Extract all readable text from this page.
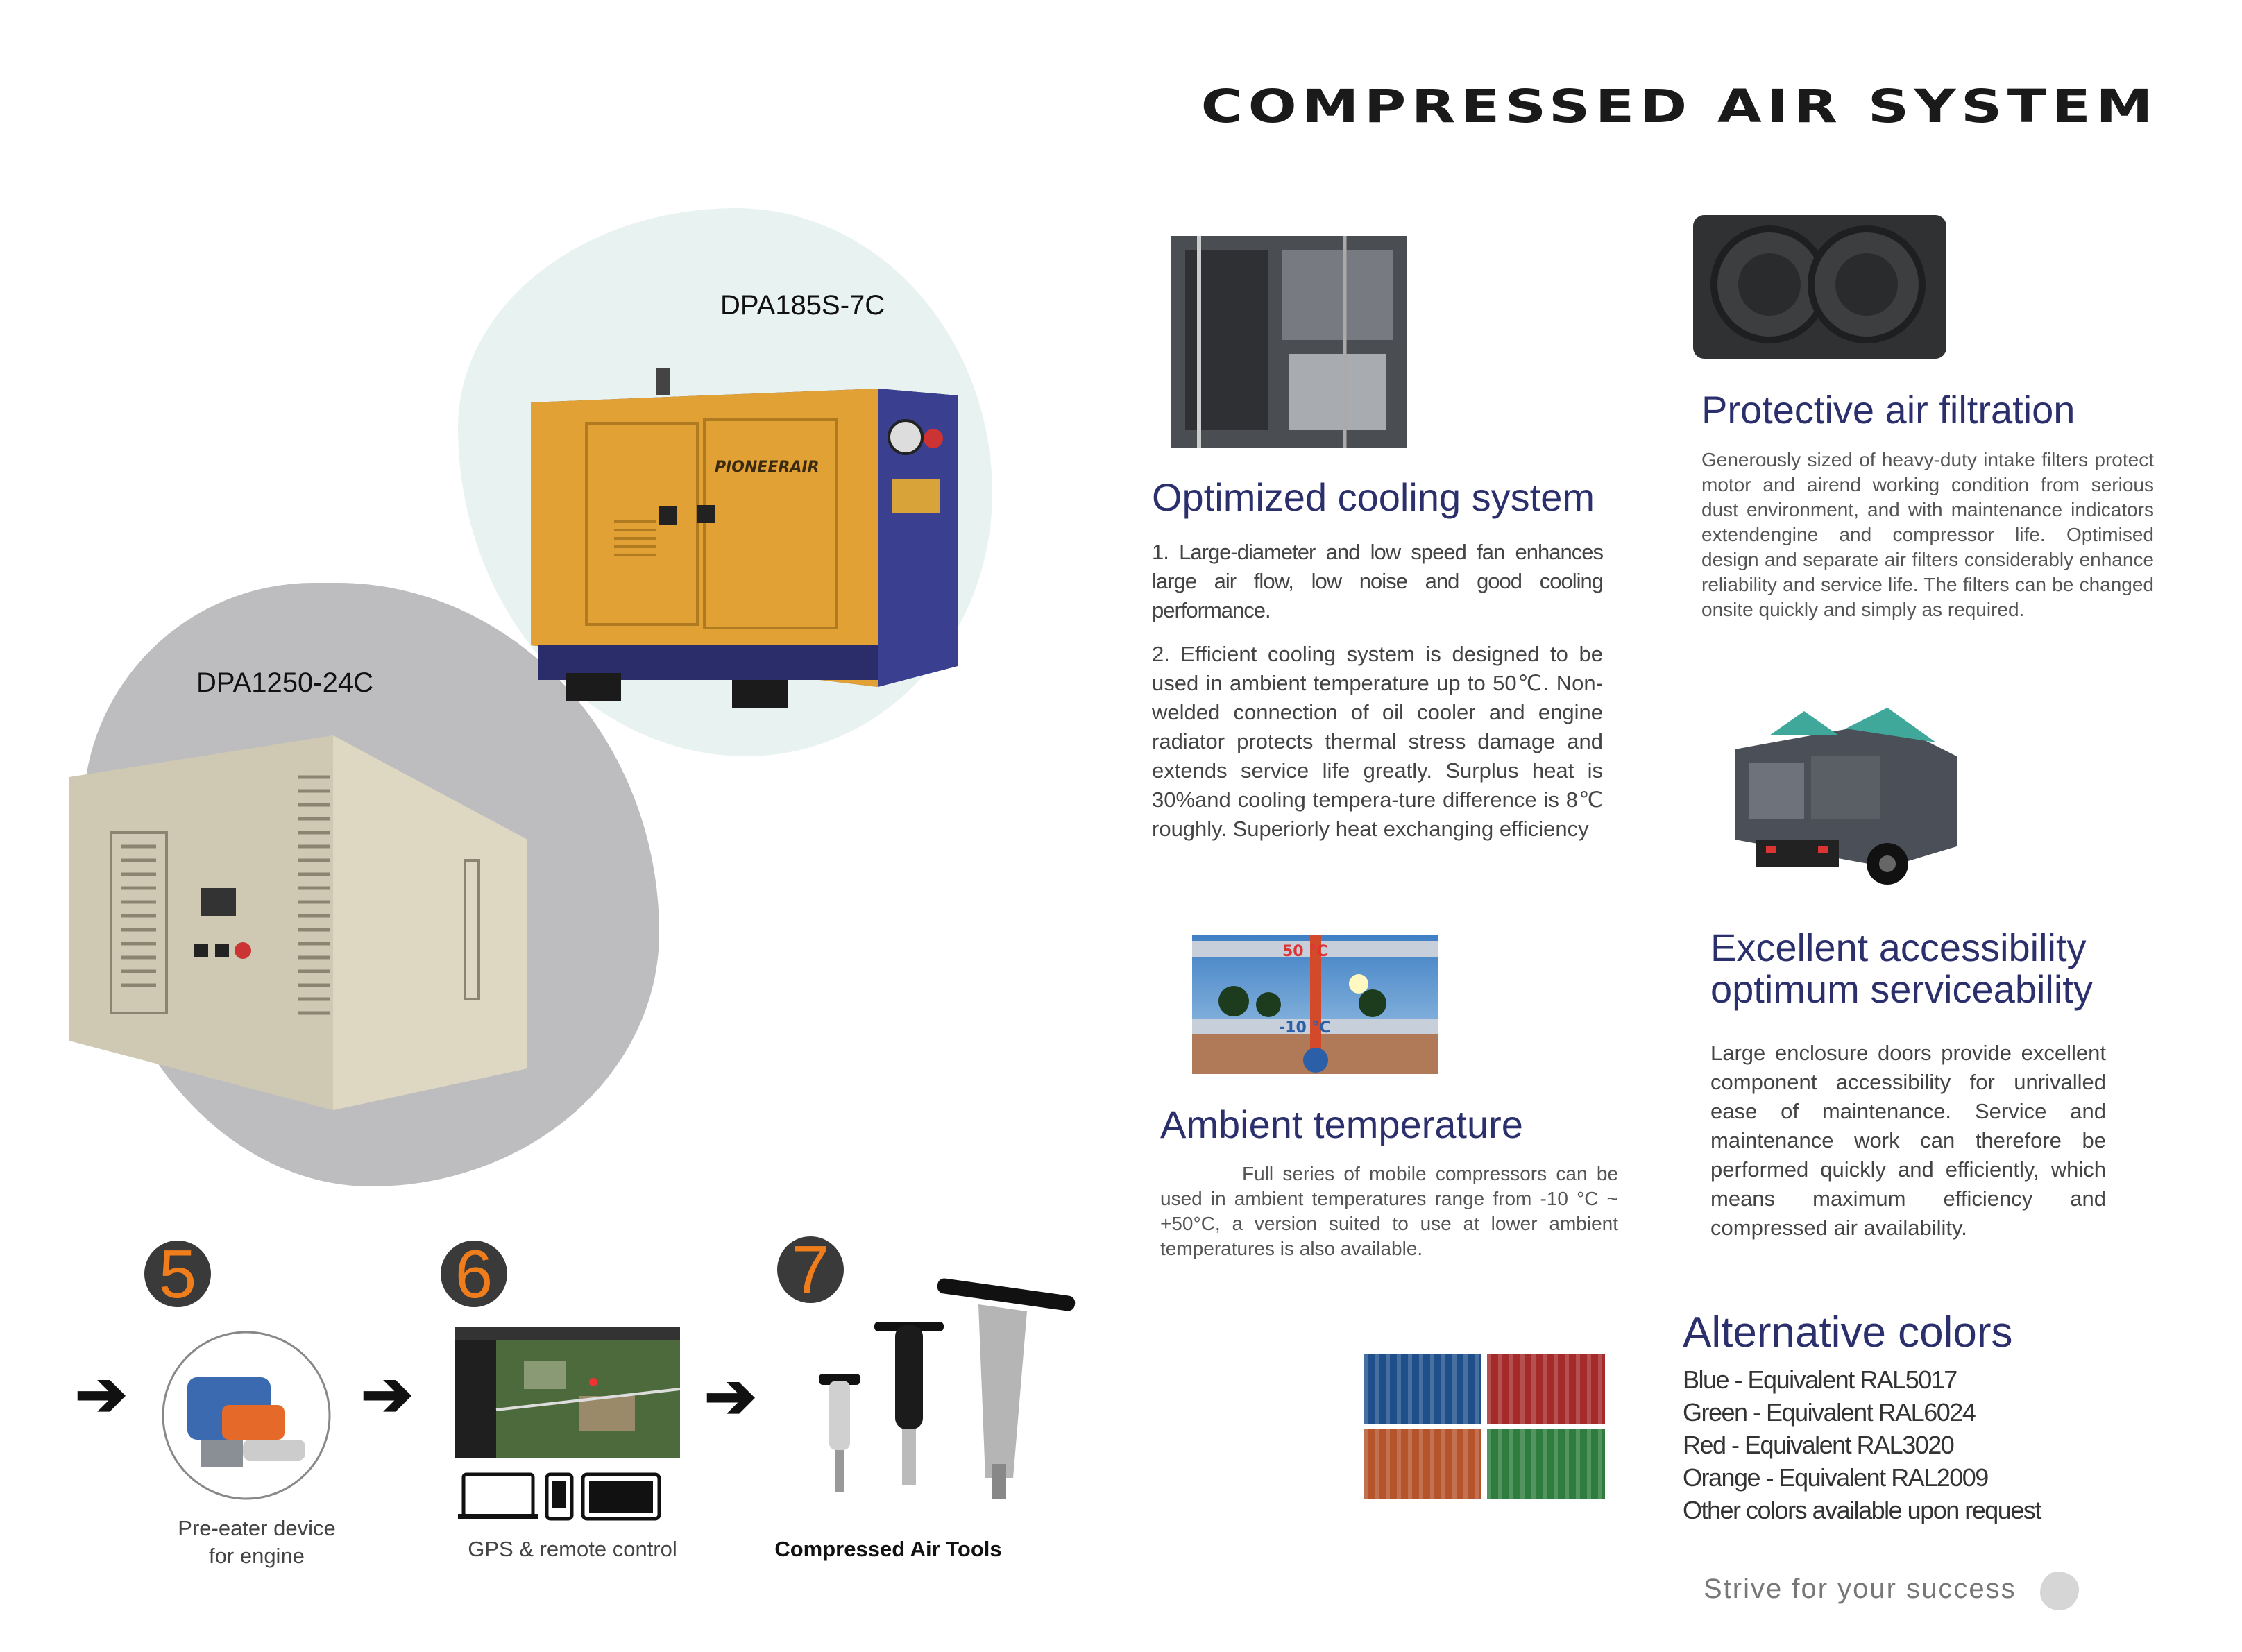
COMPRESSED AIR SYSTEM
DPA185S-7C
PIONEERAIR
DPA1250-24C
Optimized cooling system
1. Large-diameter and low speed fan enhances large air flow, low noise and good cooling performance.
2. Efficient cooling system is designed to be used in ambient temperature up to 50℃. Non-welded connection of oil cooler and engine radiator protects thermal stress damage and extends service life greatly. Surplus heat is 30%and cooling tempera-ture difference is 8℃ roughly. Superiorly heat exchanging efficiency
Protective air filtration
Generously sized of heavy-duty intake filters protect motor and airend working condition from serious dust environment, and with maintenance indicators extendengine and compressor life. Optimised design and separate air filters considerably enhance reliability and service life. The filters can be changed onsite quickly and simply as required.
50 °C
-10 °C
Ambient temperature
Full series of mobile compressors can be used in ambient temperatures range from -10 °C ~ +50°C, a version suited to use at lower ambient temperatures is also available.
Excellent accessibility
optimum serviceability
Large enclosure doors provide excellent component accessibility for unrivalled ease of maintenance. Service and maintenance work can therefore be performed quickly and efficiently, which means maximum efficiency and compressed air availability.
Alternative colors
Blue - Equivalent RAL5017
Green - Equivalent RAL6024
Red - Equivalent RAL3020
Orange - Equivalent RAL2009
Other colors available upon request
Strive for your success
5	6	7
➔	➔	➔
Pre-eater device
for engine	GPS & remote control	Compressed Air Tools
